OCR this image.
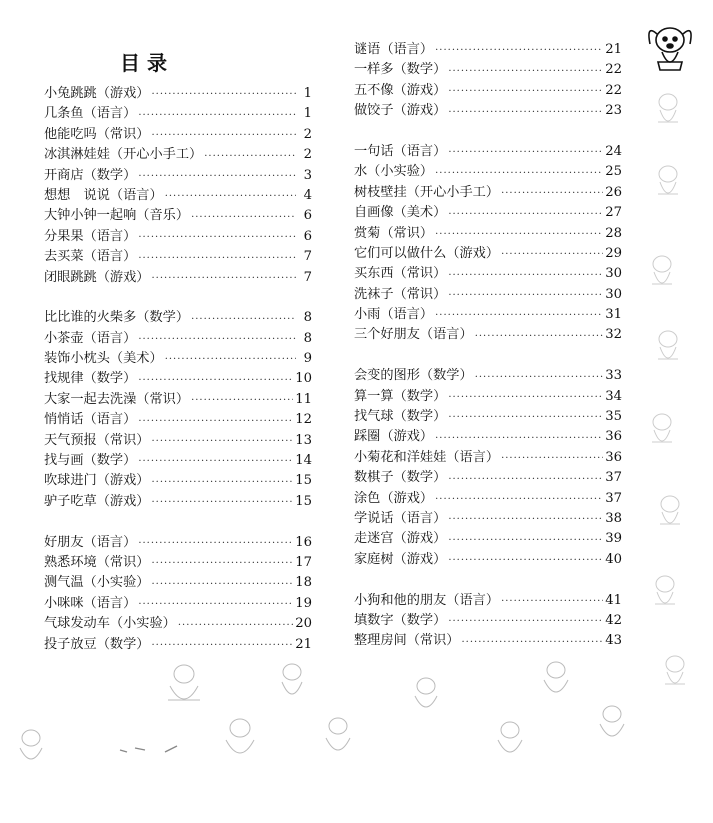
目 录
小兔跳跳（游戏） ·····	1
几条鱼（语言） ·····	1
他能吃吗（常识） ·····	2
冰淇淋娃娃（开心小手工） ·····	2
开商店（数学） ·····	3
想想　说说（语言） ·····	4
大钟小钟一起响（音乐） ·····	6
分果果（语言） ·····	6
去买菜（语言） ·····	7
闭眼跳跳（游戏） ·····	7
比比谁的火柴多（数学） ·····	8
小茶壶（语言） ·····	8
装饰小枕头（美术） ·····	9
找规律（数学） ·····	10
大家一起去洗澡（常识） ·····	11
悄悄话（语言） ·····	12
天气预报（常识） ·····	13
找与画（数学） ·····	14
吹球进门（游戏） ·····	15
驴子吃草（游戏） ·····	15
好朋友（语言） ·····	16
熟悉环境（常识） ·····	17
测气温（小实验） ·····	18
小咪咪（语言） ·····	19
气球发动车（小实验） ·····	20
投子放豆（数学） ·····	21
谜语（语言） ·····	21
一样多（数学） ·····	22
五不像（游戏） ·····	22
做饺子（游戏） ·····	23
一句话（语言） ·····	24
水（小实验） ·····	25
树枝壁挂（开心小手工） ·····	26
自画像（美术） ·····	27
赏菊（常识） ·····	28
它们可以做什么（游戏） ·····	29
买东西（常识） ·····	30
洗袜子（常识） ·····	30
小雨（语言） ·····	31
三个好朋友（语言） ·····	32
会变的图形（数学） ·····	33
算一算（数学） ·····	34
找气球（数学） ·····	35
踩圈（游戏） ·····	36
小菊花和洋娃娃（语言） ·····	36
数棋子（数学） ·····	37
涂色（游戏） ·····	37
学说话（语言） ·····	38
走迷宫（游戏） ·····	39
家庭树（游戏） ·····	40
小狗和他的朋友（语言） ·····	41
填数字（数学） ·····	42
整理房间（常识） ·····	43
